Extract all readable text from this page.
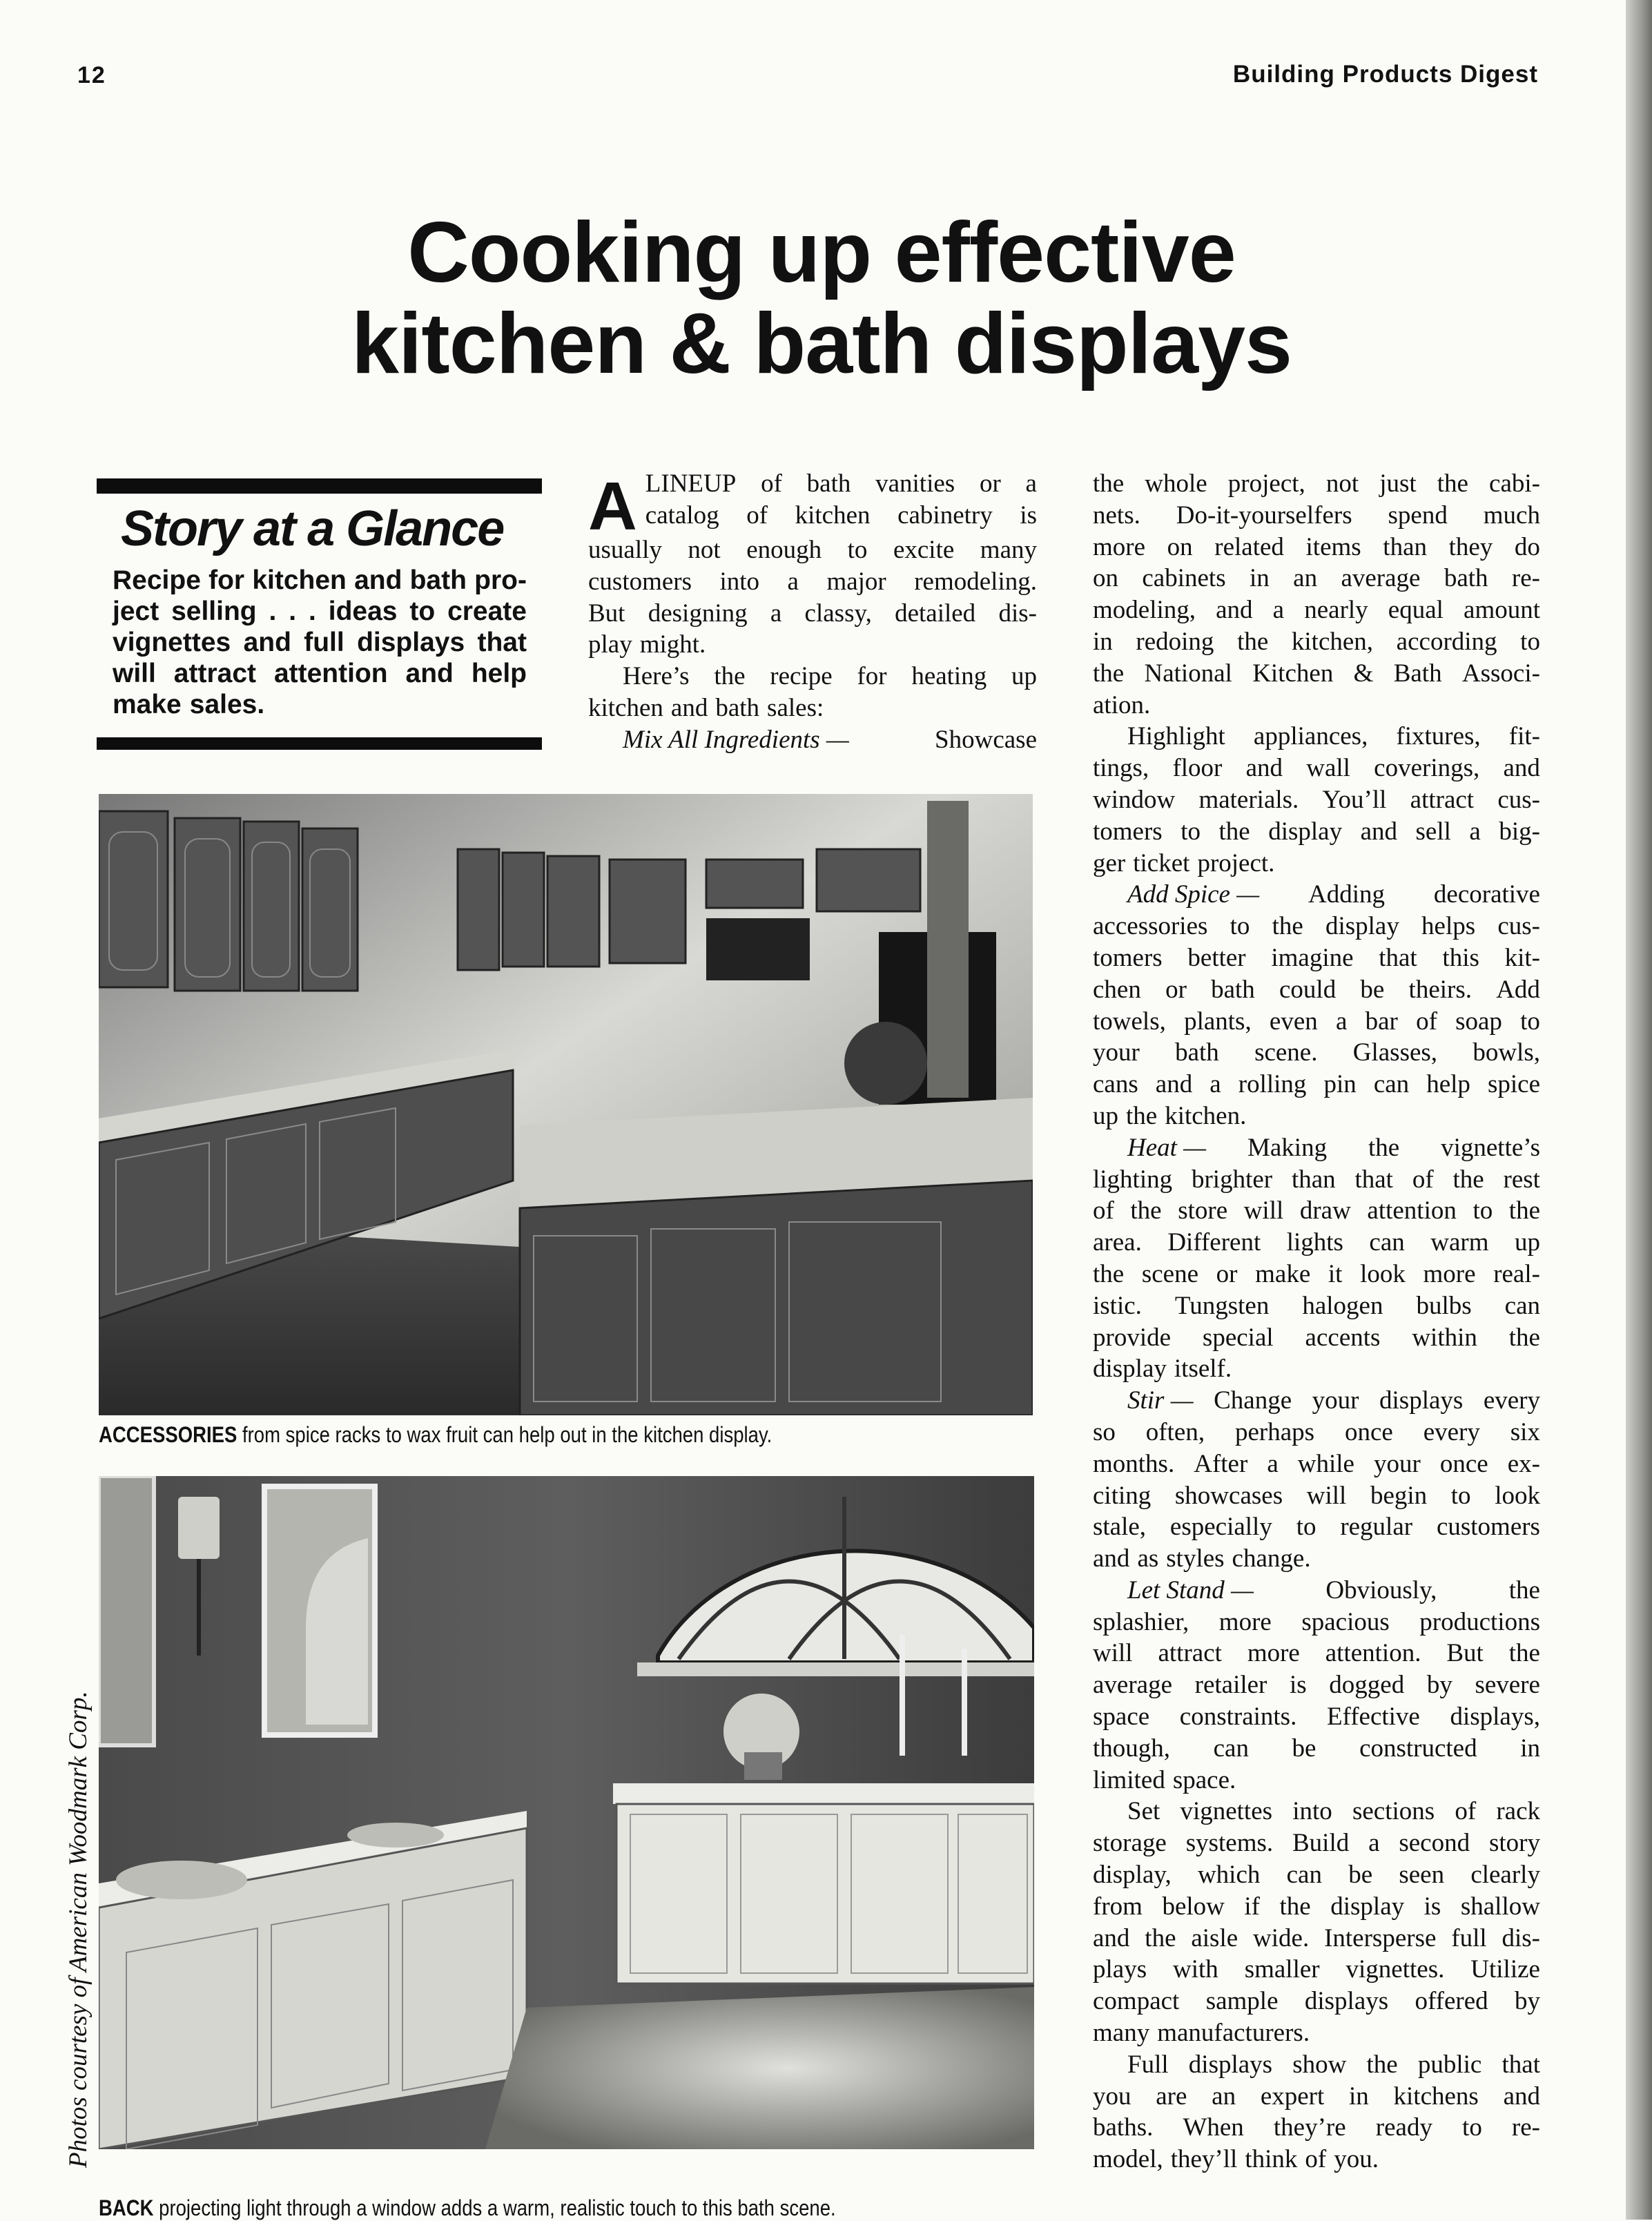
12	Building Products Digest
Cooking up effective
kitchen & bath displays
Story at a Glance
Recipe for kitchen and bath pro-
ject selling . . . ideas to create
vignettes and full displays that
will attract attention and help
make sales.
A LINEUP of bath vanities or a
catalog of kitchen cabinetry is
usually not enough to excite many
customers into a major remodeling.
But designing a classy, detailed dis-
play might.
Here’s the recipe for heating up
kitchen and bath sales:
Mix All Ingredients —	Showcase
the whole project, not just the cabi-
nets. Do-it-yourselfers spend much
more on related items than they do
on cabinets in an average bath re-
modeling, and a nearly equal amount
in redoing the kitchen, according to
the National Kitchen & Bath Associ-
ation.
Highlight appliances, fixtures, fit-
tings, floor and wall coverings, and
window materials. You’ll attract cus-
tomers to the display and sell a big-
ger ticket project.
Add Spice — Adding decorative
accessories to the display helps cus-
tomers better imagine that this kit-
chen or bath could be theirs. Add
towels, plants, even a bar of soap to
your bath scene. Glasses, bowls,
cans and a rolling pin can help spice
up the kitchen.
Heat — Making the vignette’s
lighting brighter than that of the rest
of the store will draw attention to the
area. Different lights can warm up
the scene or make it look more real-
istic. Tungsten halogen bulbs can
provide special accents within the
display itself.
Stir — Change your displays every
so often, perhaps once every six
months. After a while your once ex-
citing showcases will begin to look
stale, especially to regular customers
and as styles change.
Let Stand —	Obviously,	the
splashier, more spacious productions
will attract more attention. But the
average retailer is dogged by severe
space constraints. Effective displays,
though, can be constructed in
limited space.
Set vignettes into sections of rack
storage systems. Build a second story
display, which can be seen clearly
from below if the display is shallow
and the aisle wide. Intersperse full dis-
plays with smaller vignettes. Utilize
compact sample displays offered by
many manufacturers.
Full displays show the public that
you are an expert in kitchens and
baths. When they’re ready to re-
model, they’ll think of you.
ACCESSORIES from spice racks to wax fruit can help out in the kitchen display.
BACK projecting light through a window adds a warm, realistic touch to this bath scene.
Photos courtesy of American Woodmark Corp.
